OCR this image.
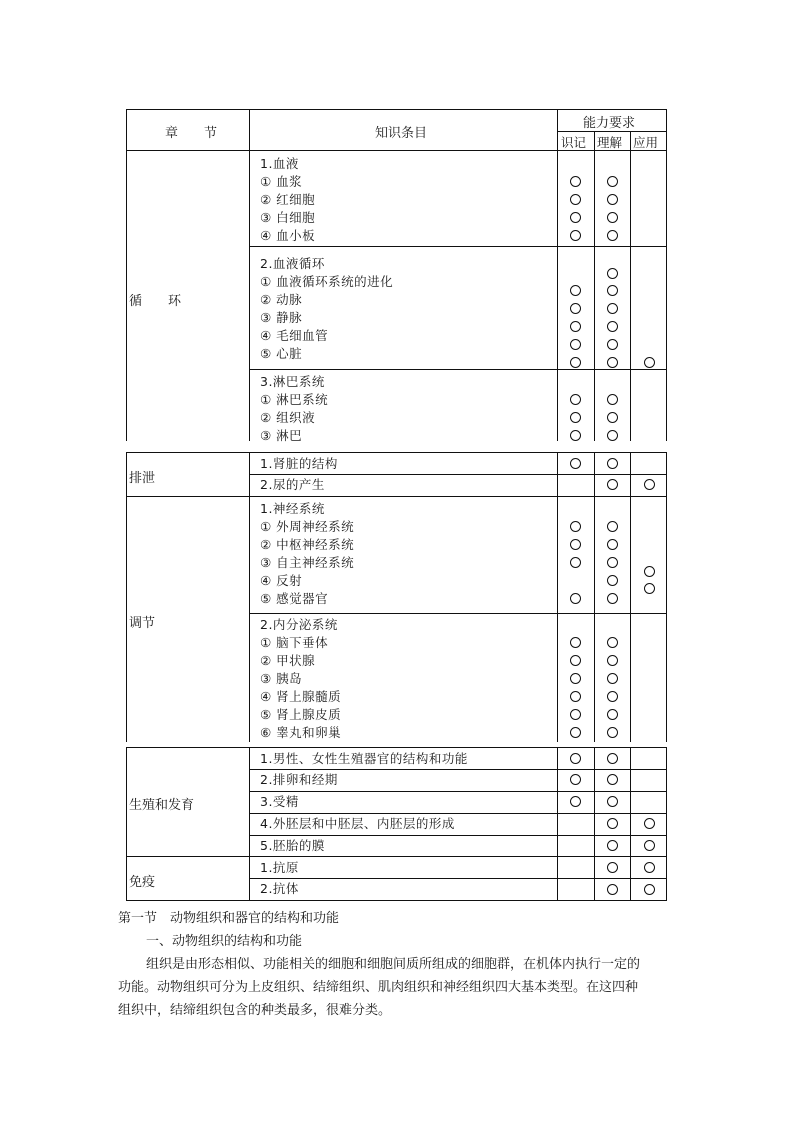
章　　节	知识条目
能力要求
识记 理解 应用
循　　环
1.血液
① 血浆
② 红细胞
③ 白细胞
④ 血小板
2.血液循环
① 血液循环系统的进化
② 动脉
③ 静脉
④ 毛细血管
⑤ 心脏
3.淋巴系统
① 淋巴系统
② 组织液
③ 淋巴
排泄
1.肾脏的结构
2.尿的产生
调节
1.神经系统
① 外周神经系统
② 中枢神经系统
③ 自主神经系统
④ 反射
⑤ 感觉器官
2.内分泌系统
① 脑下垂体
② 甲状腺
③ 胰岛
④ 肾上腺髓质
⑤ 肾上腺皮质
⑥ 睾丸和卵巢
生殖和发育
1.男性、女性生殖器官的结构和功能
2.排卵和经期
3.受精
4.外胚层和中胚层、内胚层的形成
5.胚胎的膜
免疫
1.抗原
2.抗体
第一节　动物组织和器官的结构和功能
一、动物组织的结构和功能
组织是由形态相似、功能相关的细胞和细胞间质所组成的细胞群，在机体内执行一定的
功能。动物组织可分为上皮组织、结缔组织、肌肉组织和神经组织四大基本类型。在这四种
组织中，结缔组织包含的种类最多，很难分类。
